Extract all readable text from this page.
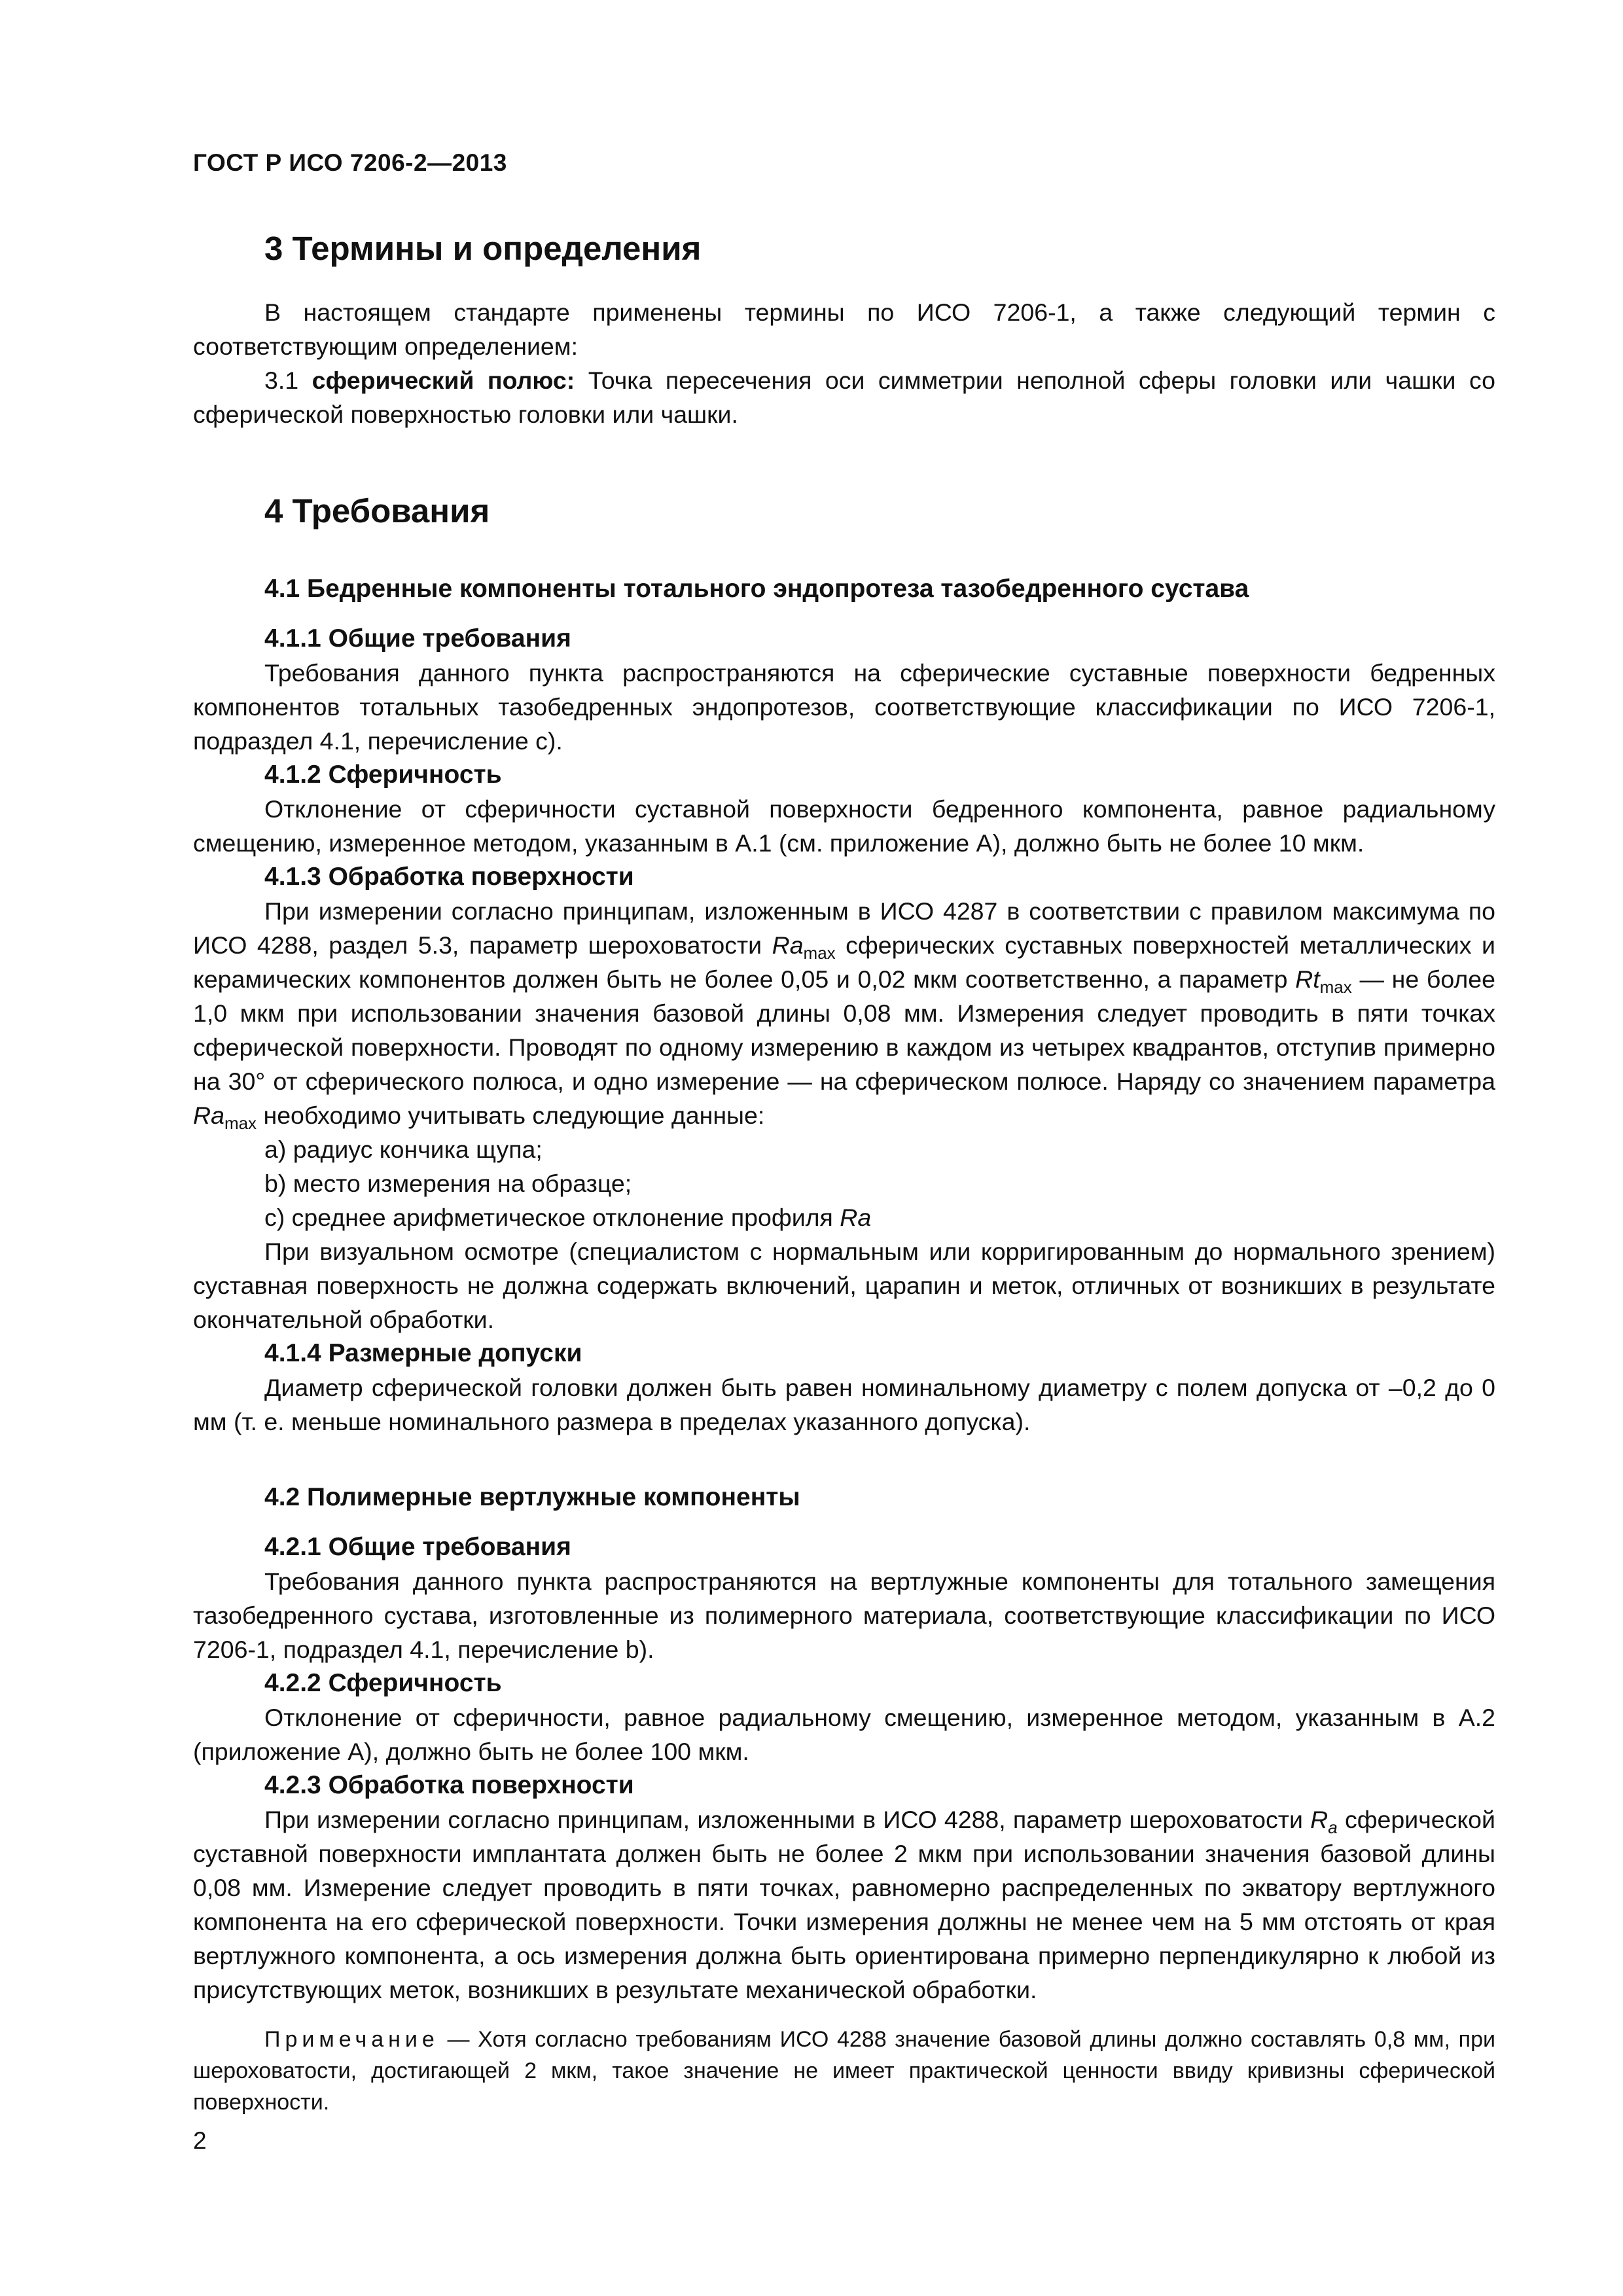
ГОСТ Р ИСО 7206-2—2013
3 Термины и определения

В настоящем стандарте применены термины по ИСО 7206-1, а также следующий термин с соответствующим определением:

3.1 сферический полюс: Точка пересечения оси симметрии неполной сферы головки или чашки со сферической поверхностью головки или чашки.

4 Требования
4.1 Бедренные компоненты тотального эндопротеза тазобедренного сустава
4.1.1 Общие требования

Требования данного пункта распространяются на сферические суставные поверхности бедренных компонентов тотальных тазобедренных эндопротезов, соответствующие классификации по ИСО 7206-1, подраздел 4.1, перечисление с).

4.1.2 Сферичность

Отклонение от сферичности суставной поверхности бедренного компонента, равное радиальному смещению, измеренное методом, указанным в А.1 (см. приложение А), должно быть не более 10 мкм.

4.1.3 Обработка поверхности

При измерении согласно принципам, изложенным в ИСО 4287 в соответствии с правилом максимума по ИСО 4288, раздел 5.3, параметр шероховатости $Ra_{max}$ сферических суставных поверхностей металлических и керамических компонентов должен быть не более 0,05 и 0,02 мкм соответственно, а параметр $Rt_{max}$ — не более 1,0 мкм при использовании значения базовой длины 0,08 мм. Измерения следует проводить в пяти точках сферической поверхности. Проводят по одному измерению в каждом из четырех квадрантов, отступив примерно на 30° от сферического полюса, и одно измерение — на сферическом полюсе. Наряду со значением параметра $Ra_{max}$ необходимо учитывать следующие данные:

а) радиус кончика щупа;

b) место измерения на образце;

с) среднее арифметическое отклонение профиля Ra

При визуальном осмотре (специалистом с нормальным или корригированным до нормального зрением) суставная поверхность не должна содержать включений, царапин и меток, отличных от возникших в результате окончательной обработки.

4.1.4 Размерные допуски

Диаметр сферической головки должен быть равен номинальному диаметру с полем допуска от –0,2 до 0 мм (т. е. меньше номинального размера в пределах указанного допуска).

4.2 Полимерные вертлужные компоненты
4.2.1 Общие требования

Требования данного пункта распространяются на вертлужные компоненты для тотального замещения тазобедренного сустава, изготовленные из полимерного материала, соответствующие классификации по ИСО 7206-1, подраздел 4.1, перечисление b).

4.2.2 Сферичность

Отклонение от сферичности, равное радиальному смещению, измеренное методом, указанным в А.2 (приложение А), должно быть не более 100 мкм.

4.2.3 Обработка поверхности

При измерении согласно принципам, изложенными в ИСО 4288, параметр шероховатости $R_a$ сферической суставной поверхности имплантата должен быть не более 2 мкм при использовании значения базовой длины 0,08 мм. Измерение следует проводить в пяти точках, равномерно распределенных по экватору вертлужного компонента на его сферической поверхности. Точки измерения должны не менее чем на 5 мм отстоять от края вертлужного компонента, а ось измерения должна быть ориентирована примерно перпендикулярно к любой из присутствующих меток, возникших в результате механической обработки.

Примечание — Хотя согласно требованиям ИСО 4288 значение базовой длины должно составлять 0,8 мм, при шероховатости, достигающей 2 мкм, такое значение не имеет практической ценности ввиду кривизны сферической поверхности.

2
